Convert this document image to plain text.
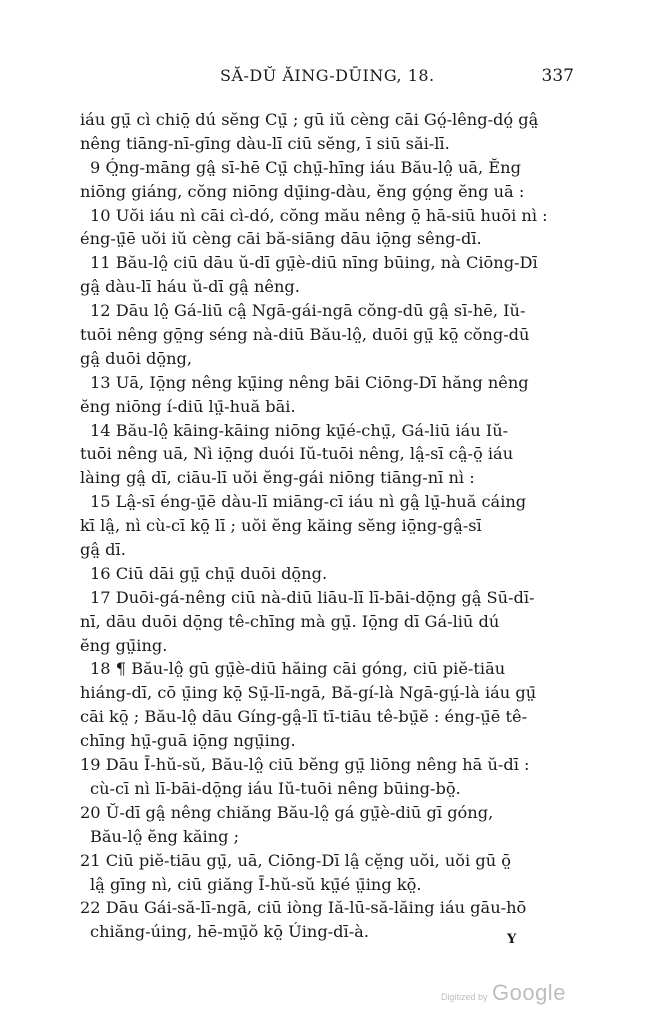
SĂ-DŬ ĂING-DŪING, 18.	337
iáu gṳ̄ cì chiō̤ dú sĕng Cṳ̄ ; gū iŭ cèng cāi Gó̤-lêng-dó̤ gâ̤
nêng tiāng-nī-gīng dàu-lī ciū sĕng, ī siū săi-lī.
9 Ó̤ng-māng gâ̤ sī-hē Cṳ̄ chṳ̄-hīng iáu Bău-lô̤ uā, Ĕng
niōng giáng, cŏng niōng dṳ̄ing-dàu, ĕng gó̤ng ĕng uā :
10 Uŏi iáu nì cāi cì-dó, cŏng mău nêng ō̤ hā-siū huōi nì :
éng-ṳ̄ē uŏi iŭ cèng cāi bă-siāng dāu iō̤ng sêng-dī.
11 Bău-lô̤ ciū dāu ŭ-dī gṳ̄è-diū nīng būing, nà Ciōng-Dī
gâ̤ dàu-lī háu ŭ-dī gâ̤ nêng.
12 Dāu lô̤ Gá-liū câ̤ Ngā-gái-ngā cŏng-dū gâ̤ sī-hē, Iŭ-
tuōi nêng gō̤ng séng nà-diū Bău-lô̤, duōi gṳ̄ kō̤ cŏng-dū
gâ̤ duōi dō̤ng,
13 Uā, Iō̤ng nêng kṳ̄ing nêng bāi Ciōng-Dī hăng nêng
ĕng niōng í-diū lṳ̄-huă bāi.
14 Bău-lô̤ kāing-kāing niōng kṳ̄é-chṳ̄, Gá-liū iáu Iŭ-
tuōi nêng uā, Nì iō̤ng duói Iŭ-tuōi nêng, lâ̤-sī câ̤-ō̤ iáu
làing gâ̤ dī, ciāu-lī uŏi ĕng-gái niōng tiāng-nī nì :
15 Lâ̤-sī éng-ṳ̄ē dàu-lī miāng-cī iáu nì gâ̤ lṳ̄-huă cáing
kī lâ̤, nì cù-cī kō̤ lī ; uŏi ĕng kăing sĕng iō̤ng-gâ̤-sī
gâ̤ dī.
16 Ciū dāi gṳ̄ chṳ̄ duōi dō̤ng.
17 Duōi-gá-nêng ciū nà-diū liāu-lī lī-bāi-dō̤ng gâ̤ Sū-dī-
nī, dāu duōi dō̤ng tê-chīng mà gṳ̄. Iō̤ng dī Gá-liū dú
ĕng gṳ̄ing.
18 ¶ Bău-lô̤ gū gṳ̄è-diū hăing cāi góng, ciū piĕ-tiāu
hiáng-dī, cō ṳ̄ing kō̤ Sṳ̄-lī-ngā, Bă-gí-là Ngā-gṳ́-là iáu gṳ̄
cāi kō̤ ; Bău-lô̤ dāu Gíng-gâ̤-lī tī-tiāu tê-bṳ̄ĕ : éng-ṳ̄ē tê-
chīng hṳ̄-guā iō̤ng ngṳ̄ing.
19 Dāu Ī-hŭ-sŭ, Bău-lô̤ ciū bĕng gṳ̄ liōng nêng hā ŭ-dī :
cù-cī nì lī-bāi-dō̤ng iáu Iŭ-tuōi nêng būing-bō̤.
20 Ŭ-dī gâ̤ nêng chiăng Bău-lô̤ gá gṳ̄è-diū gī góng,
Bău-lô̤ ĕng kăing ;
21 Ciū piĕ-tiāu gṳ̄, uā, Ciōng-Dī lâ̤ cĕ̤ng uŏi, uŏi gū ō̤
lâ̤ gīng nì, ciū giăng Ī-hŭ-sŭ kṳ̄é ṳ̄ing kō̤.
22 Dāu Gái-să-lī-ngā, ciū iòng Iă-lū-să-lăing iáu gāu-hō
chiăng-úing, hē-mṳ̄ŏ kō̤ Úing-dī-à.	Y
Digitized by Google
